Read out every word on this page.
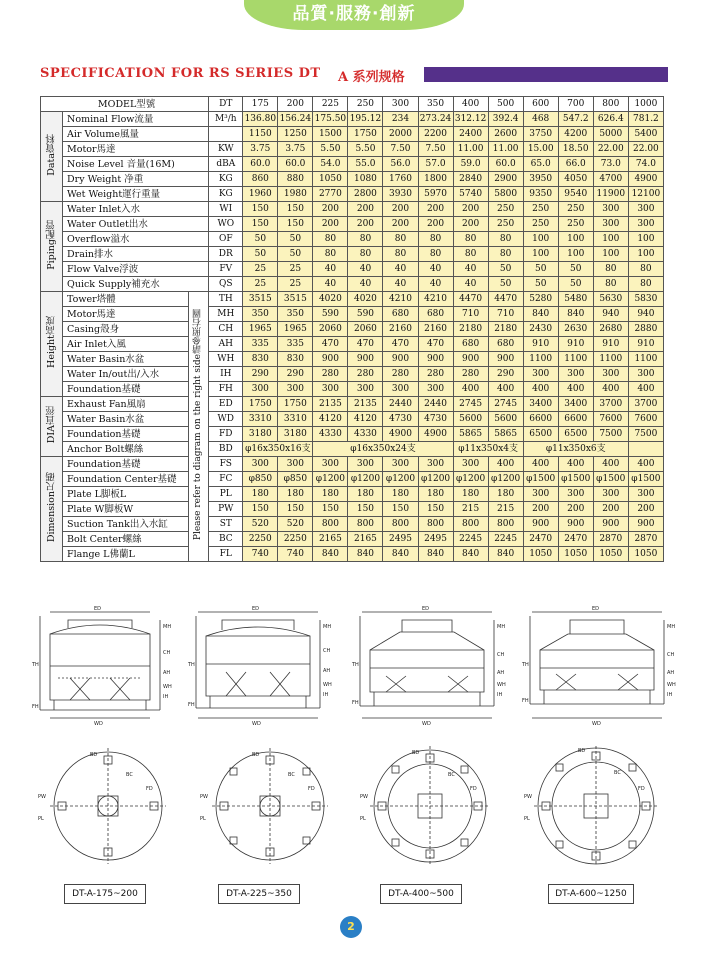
品質·服務·創新
SPECIFICATION FOR RS SERIES DT A 系列规格
MODEL型號			DT	175	200	225	250	300	350	400	500	600	700	800	1000
Data資料	Nominal Flow流量		M³/h	136.80	156.24	175.50	195.12	234	273.24	312.12	392.4	468	547.2	626.4	781.2
	Air Volume風量			1150	1250	1500	1750	2000	2200	2400	2600	3750	4200	5000	5400
	Motor馬達		KW	3.75	3.75	5.50	5.50	7.50	7.50	11.00	11.00	15.00	18.50	22.00	22.00
	Noise Level 音量(16M)		dBA	60.0	60.0	54.0	55.0	56.0	57.0	59.0	60.0	65.0	66.0	73.0	74.0
	Dry Weight 净重		KG	860	880	1050	1080	1760	1800	2840	2900	3950	4050	4700	4900
	Wet Weight運行重量		KG	1960	1980	2770	2800	3930	5970	5740	5800	9350	9540	11900	12100
Piping配管	Water Inlet入水		WI	150	150	200	200	200	200	200	250	250	250	300	300
	Water Outlet出水		WO	150	150	200	200	200	200	200	250	250	250	300	300
	Overflow溢水		OF	50	50	80	80	80	80	80	80	100	100	100	100
	Drain排水		DR	50	50	80	80	80	80	80	80	100	100	100	100
	Flow Valve浮波		FV	25	25	40	40	40	40	40	50	50	50	80	80
	Quick Supply補充水		QS	25	25	40	40	40	40	40	50	50	50	80	80
Height高度	Tower塔體	Please refer to diagram on the right side請參照右圖	TH	3515	3515	4020	4020	4210	4210	4470	4470	5280	5480	5630	5830
	Motor馬達		MH	350	350	590	590	680	680	710	710	840	840	940	940
	Casing殼身		CH	1965	1965	2060	2060	2160	2160	2180	2180	2430	2630	2680	2880
	Air Inlet入風		AH	335	335	470	470	470	470	680	680	910	910	910	910
	Water Basin水盆		WH	830	830	900	900	900	900	900	900	1100	1100	1100	1100
	Water In/out出/入水		IH	290	290	280	280	280	280	280	290	300	300	300	300
	Foundation基礎		FH	300	300	300	300	300	300	400	400	400	400	400	400
DIA直徑	Exhaust Fan風扇		ED	1750	1750	2135	2135	2440	2440	2745	2745	3400	3400	3700	3700
	Water Basin水盆		WD	3310	3310	4120	4120	4730	4730	5600	5600	6600	6600	7600	7600
	Foundation基礎		FD	3180	3180	4330	4330	4900	4900	5865	5865	6500	6500	7500	7500
	Anchor Bolt螺絲		BD	φ16x350x16支		φ16x350x24支				φ11x350x4支		φ11x350x6支			
Dimension尺碼	Foundation基礎		FS	300	300	300	300	300	300	300	400	400	400	400	400
	Foundation Center基礎		FC	φ850	φ850	φ1200	φ1200	φ1200	φ1200	φ1200	φ1200	φ1500	φ1500	φ1500	φ1500
	Plate L脚板L		PL	180	180	180	180	180	180	180	180	300	300	300	300
	Plate W脚板W		PW	150	150	150	150	150	150	215	215	200	200	200	200
	Suction Tank出入水缸		ST	520	520	800	800	800	800	800	800	900	900	900	900
	Bolt Center螺絲		BC	2250	2250	2165	2165	2495	2495	2245	2245	2470	2470	2870	2870
	Flange L佛蘭L		FL	740	740	840	840	840	840	840	840	1050	1050	1050	1050
ED
WD
TH
FH
MH
CH
AH
WH
IH
ED
WD
TH
FH
MH
CH
AH
WH
IH
ED
WD
TH
FH
MH
CH
AH
WH
IH
ED
WD
TH
FH
MH
CH
AH
WH
IH
BD
BC
FD
PW
PL
BD
BC
FD
PW
PL
BD
BC
FD
PW
PL
BD
BC
FD
PW
PL
DT-A-175~200	DT-A-225~350	DT-A-400~500	DT-A-600~1250
2
